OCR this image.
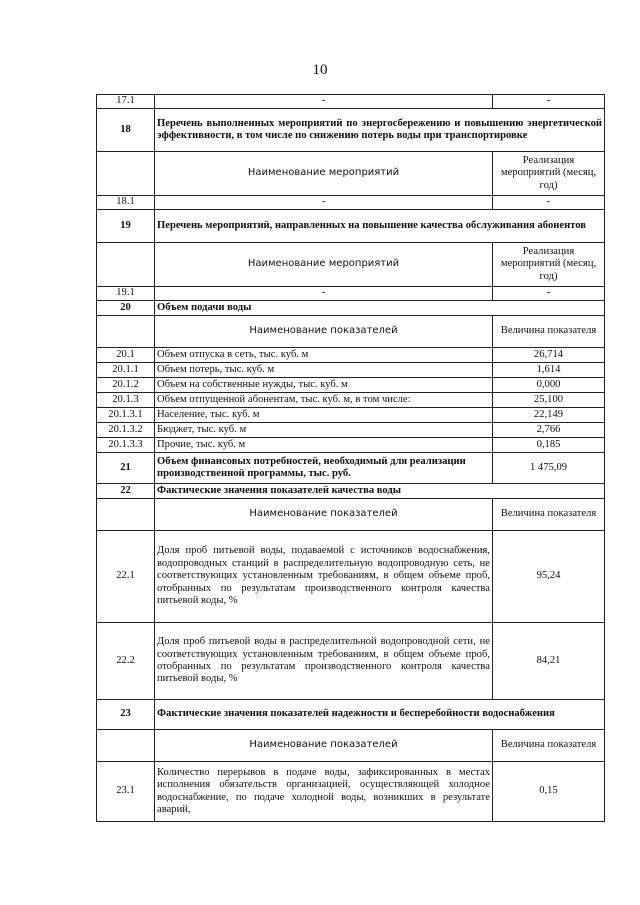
10
17.1	-	-
18	Перечень выполненных мероприятий по энергосбережению и повышению энергетической эффективности, в том числе по снижению потерь воды при транспортировке	
	Наименование мероприятий	Реализация мероприятий (месяц, год)
18.1	-	-
19	Перечень мероприятий, направленных на повышение качества обслуживания абонентов	
	Наименование мероприятий	Реализация мероприятий (месяц, год)
19.1	-	-
20	Объем подачи воды	
	Наименование показателей	Величина показателя
20.1	Объем отпуска в сеть, тыс. куб. м	26,714
20.1.1	Объем потерь, тыс. куб. м	1,614
20.1.2	Объем на собственные нужды, тыс. куб. м	0,000
20.1.3	Объем отпущенной абонентам, тыс. куб. м, в том числе:	25,100
20.1.3.1	Население, тыс. куб. м	22,149
20.1.3.2	Бюджет, тыс. куб. м	2,766
20.1.3.3	Прочие, тыс. куб. м	0,185
21	Объем финансовых потребностей, необходимый для реализации производственной программы, тыс. руб.	1 475,09
22	Фактические значения показателей качества воды	
	Наименование показателей	Величина показателя
22.1	Доля проб питьевой воды, подаваемой с источников водоснабжения, водопроводных станций в распределительную водопроводную сеть, не соответствующих установленным требованиям, в общем объеме проб, отобранных по результатам производственного контроля качества питьевой воды, %	95,24
22.2	Доля проб питьевой воды в распределительной водопроводной сети, не соответствующих установленным требованиям, в общем объеме проб, отобранных по результатам производственного контроля качества питьевой воды, %	84,21
23	Фактические значения показателей надежности и бесперебойности водоснабжения	
	Наименование показателей	Величина показателя
23.1	Количество перерывов в подаче воды, зафиксированных в местах исполнения обязательств организацией, осуществляющей холодное водоснабжение, по подаче холодной воды, возникших в результате аварий,	0,15
